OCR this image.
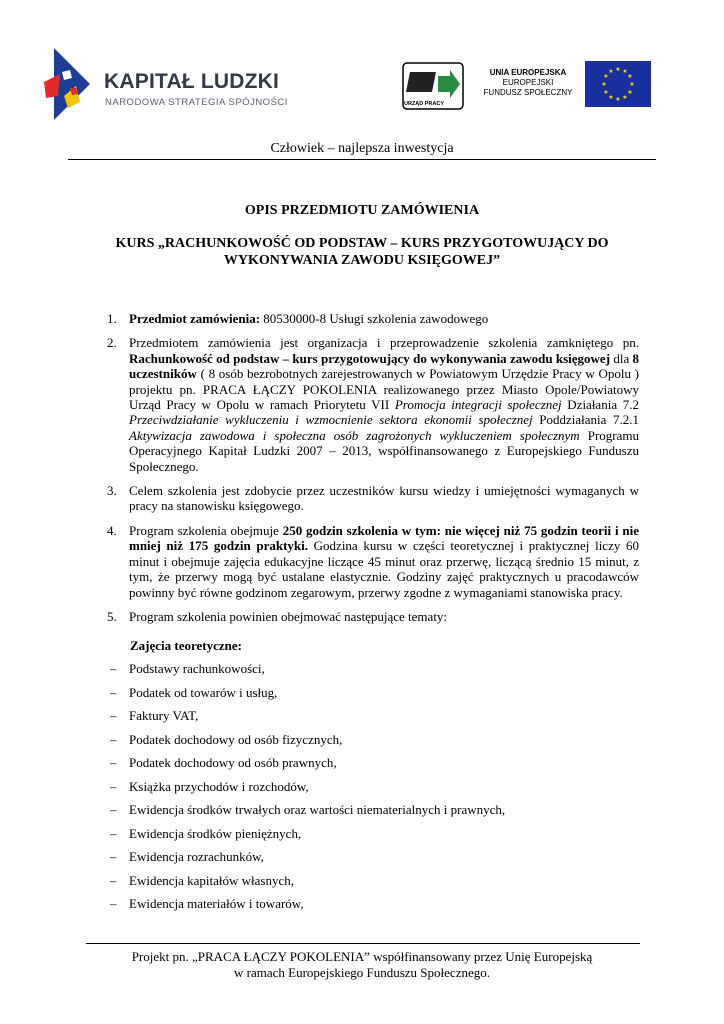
KAPITAŁ LUDZKI
NARODOWA STRATEGIA SPÓJNOŚCI	URZĄD PRACY
UNIA EUROPEJSKA
EUROPEJSKI
FUNDUSZ SPOŁECZNY
★ ★
★
★
★
★
★
★
★
★
★
★
Człowiek – najlepsza inwestycja
OPIS PRZEDMIOTU ZAMÓWIENIA
KURS „RACHUNKOWOŚĆ OD PODSTAW – KURS PRZYGOTOWUJĄCY DO WYKONYWANIA ZAWODU KSIĘGOWEJ”
1. Przedmiot zamówienia: 80530000-8 Usługi szkolenia zawodowego
2. Przedmiotem zamówienia jest organizacja i przeprowadzenie szkolenia zamkniętego pn. Rachunkowość od podstaw – kurs przygotowujący do wykonywania zawodu księgowej dla 8 uczestników ( 8 osób bezrobotnych zarejestrowanych w Powiatowym Urzędzie Pracy w Opolu ) projektu pn. PRACA ŁĄCZY POKOLENIA realizowanego przez Miasto Opole/Powiatowy Urząd Pracy w Opolu w ramach Priorytetu VII Promocja integracji społecznej Działania 7.2 Przeciwdziałanie wykluczeniu i wzmocnienie sektora ekonomii społecznej Poddziałania 7.2.1 Aktywizacja zawodowa i społeczna osób zagrożonych wykluczeniem społecznym Programu Operacyjnego Kapitał Ludzki 2007 – 2013, współfinansowanego z Europejskiego Funduszu Społecznego.
3. Celem szkolenia jest zdobycie przez uczestników kursu wiedzy i umiejętności wymaganych w pracy na stanowisku księgowego.
4. Program szkolenia obejmuje 250 godzin szkolenia w tym: nie więcej niż 75 godzin teorii i nie mniej niż 175 godzin praktyki. Godzina kursu w części teoretycznej i praktycznej liczy 60 minut i obejmuje zajęcia edukacyjne liczące 45 minut oraz przerwę, liczącą średnio 15 minut, z tym, że przerwy mogą być ustalane elastycznie. Godziny zajęć praktycznych u pracodawców powinny być równe godzinom zegarowym, przerwy zgodne z wymaganiami stanowiska pracy.
5. Program szkolenia powinien obejmować następujące tematy:
Zajęcia teoretyczne:
– Podstawy rachunkowości,
– Podatek od towarów i usług,
– Faktury VAT,
– Podatek dochodowy od osób fizycznych,
– Podatek dochodowy od osób prawnych,
– Książka przychodów i rozchodów,
– Ewidencja środków trwałych oraz wartości niematerialnych i prawnych,
– Ewidencja środków pieniężnych,
– Ewidencja rozrachunków,
– Ewidencja kapitałów własnych,
– Ewidencja materiałów i towarów,
Projekt pn. „PRACA ŁĄCZY POKOLENIA” współfinansowany przez Unię Europejską
w ramach Europejskiego Funduszu Społecznego.
